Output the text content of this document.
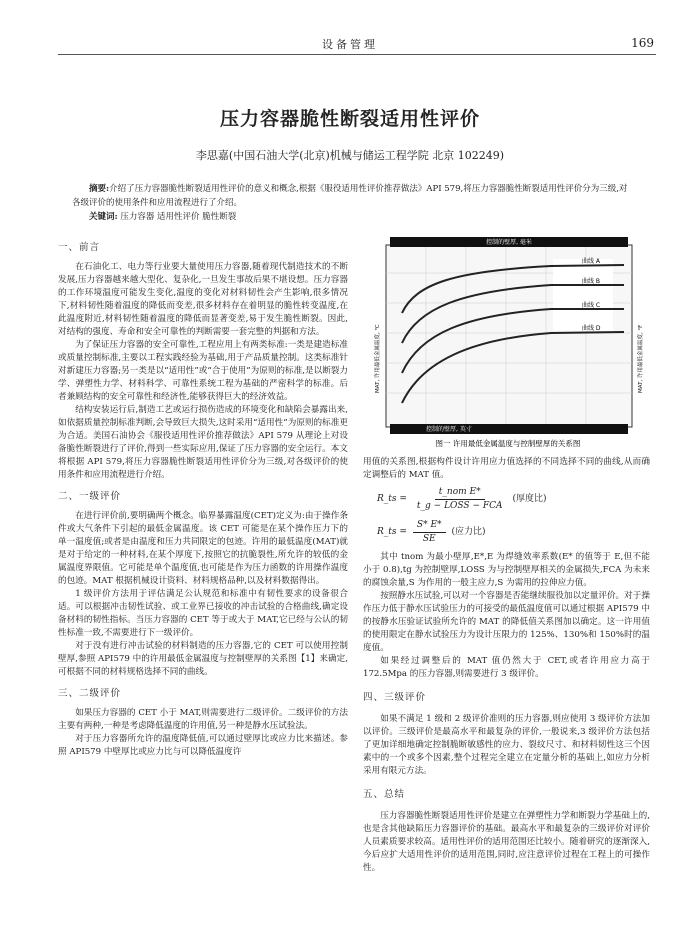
设备管理	169
压力容器脆性断裂适用性评价
李思嘉(中国石油大学(北京)机械与储运工程学院 北京 102249)
摘要:介绍了压力容器脆性断裂适用性评价的意义和概念,根据《服役适用性评价推荐做法》API 579,将压力容器脆性断裂适用性评价分为三级,对各级评价的使用条件和应用流程进行了介绍。
关键词: 压力容器 适用性评价 脆性断裂
一、前言

在石油化工、电力等行业要大量使用压力容器,随着现代制造技术的不断发展,压力容器越来越大型化、复杂化,一旦发生事故后果不堪设想。压力容器的工作环境温度可能发生变化,温度的变化对材料韧性会产生影响,很多情况下,材料韧性随着温度的降低而变差,很多材料存在着明显的脆性转变温度,在此温度附近,材料韧性随着温度的降低而显著变差,易于发生脆性断裂。因此,对结构的强度、寿命和安全可靠性的判断需要一套完整的判据和方法。

为了保证压力容器的安全可靠性,工程应用上有两类标准:一类是建造标准或质量控制标准,主要以工程实践经验为基础,用于产品质量控制。这类标准针对新建压力容器;另一类是以“适用性”或“合于使用”为原则的标准,是以断裂力学、弹塑性力学、材料科学、可靠性系统工程为基础的严密科学的标准。后者兼顾结构的安全可靠性和经济性,能够获得巨大的经济效益。

结构安装运行后,制造工艺或运行损伤造成的环境变化和缺陷会暴露出来,如依据质量控制标准判断,会导致巨大损失,这时采用“适用性”为原则的标准更为合适。美国石油协会《服役适用性评价推荐做法》API 579 从理论上对设备脆性断裂进行了评价,得到一些实际应用,保证了压力容器的安全运行。本文将根据 API 579,将压力容器脆性断裂适用性评价分为三级,对各级评价的使用条件和应用流程进行介绍。

二、一级评价

在进行评价前,要明确两个概念。临界暴露温度(CET)定义为:由于操作条件或大气条件下引起的最低金属温度。该 CET 可能是在某个操作压力下的单一温度值;或者是由温度和压力共同限定的包迹。许用的最低温度(MAT)就是对于给定的一种材料,在某个厚度下,按照它的抗脆裂性,所允许的较低的金属温度界限值。它可能是单个温度值,也可能是作为压力函数的许用操作温度的包迹。MAT 根据机械设计资料、材料规格品种,以及材料数据得出。

1 级评价方法用于评估满足公认规范和标准中有韧性要求的设备很合适。可以根据冲击韧性试验、或工业界已接收的冲击试验的合格曲线,确定设备材料的韧性指标。当压力容器的 CET 等于或大于 MAT,它已经与公认的韧性标准一致,不需要进行下一级评价。

对于没有进行冲击试验的材料制造的压力容器,它的 CET 可以使用控制壁厚,参照 API579 中的许用最低金属温度与控制壁厚的关系图【1】来确定,可根据不同的材料规格选择不同的曲线。

三、二级评价

如果压力容器的 CET 小于 MAT,则需要进行二级评价。二级评价的方法主要有两种,一种是考虑降低温度的许用值,另一种是静水压试验法。

对于压力容器所允许的温度降低值,可以通过壁厚比或应力比来描述。参照 API579 中壁厚比或应力比与可以降低温度许

控制的壁厚, 毫米
控制的壁厚, 英寸
MAT, 许用最低金属温度, ℃	MAT, 许用最低金属温度, °F
曲线 A
曲线 B
曲线 C
曲线 D
图一 许用最低金属温度与控制壁厚的关系图

用值的关系图,根据构件设计许用应力值选择的不同选择不同的曲线,从而确定调整后的 MAT 值。

R_ts =
t_nom E*
t_g − LOSS − FCA
(厚度比)
R_ts = $\frac{S* E*}{SE}$ (应力比)

其中 tnom 为最小壁厚,E*,E 为焊缝效率系数(E* 的值等于 E,但不能小于 0.8),tg 为控制壁厚,LOSS 为与控制壁厚相关的金属损失,FCA 为未来的腐蚀余量,S 为作用的一般主应力,S 为需用的拉伸应力值。

按照静水压试验,可以对一个容器是否能继续服役加以定量评价。对于操作压力低于静水压试验压力的可接受的最低温度值可以通过根据 API579 中的按静水压验证试验所允许的 MAT 的降低值关系图加以确定。这一许用值的使用限定在静水试验压力为设计压限力的 125%、130%和 150%时的温度值。

如果经过调整后的 MAT 值仍然大于 CET,或者许用应力高于 172.5Mpa 的压力容器,则需要进行 3 级评价。

四、三级评价

如果不满足 1 级和 2 级评价准则的压力容器,则应使用 3 级评价方法加以评价。三级评价是最高水平和最复杂的评价,一般说来,3 级评价方法包括了更加详细地确定控制脆断敏感性的应力、裂纹尺寸、和材料韧性这三个因素中的一个或多个因素,整个过程完全建立在定量分析的基础上,如应力分析采用有限元方法。

五、总结

压力容器脆性断裂适用性评价是建立在弹塑性力学和断裂力学基础上的,也是含其他缺陷压力容器评价的基础。最高水平和最复杂的三级评价对评价人员素质要求较高。适用性评价的适用范围还比较小。随着研究的逐渐深入,今后应扩大适用性评价的适用范围,同时,应注意评价过程在工程上的可操作性。
